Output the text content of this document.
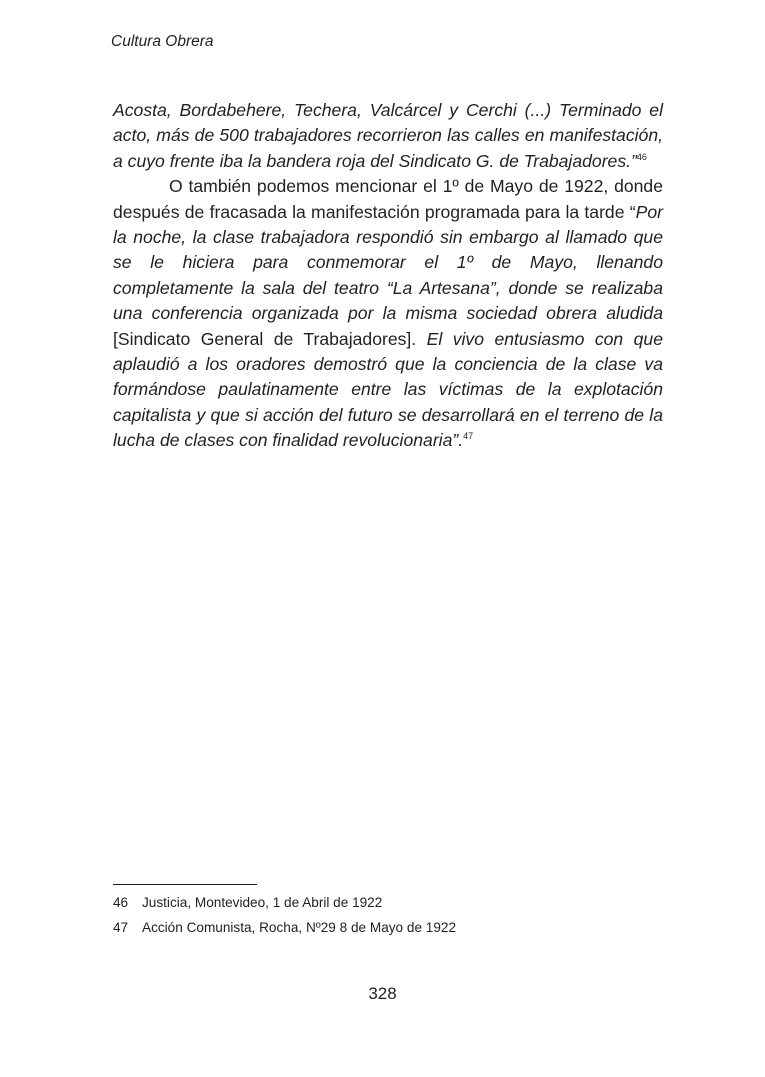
Cultura Obrera

Acosta, Bordabehere, Techera, Valcárcel y Cerchi (...) Terminado el acto, más de 500 trabajadores recorrieron las calles en manifestación, a cuyo frente iba la bandera roja del Sindicato G. de Trabajadores.”$^{46}$

O también podemos mencionar el 1º de Mayo de 1922, donde después de fracasada la manifestación programada para la tarde “Por la noche, la clase trabajadora respondió sin embargo al llamado que se le hiciera para conmemorar el 1º de Mayo, llenando completamente la sala del teatro “La Artesana”, donde se realizaba una conferencia organizada por la misma sociedad obrera aludida [Sindicato General de Trabajadores]. El vivo entusiasmo con que aplaudió a los oradores demostró que la conciencia de la clase va formándose paulatinamente entre las víctimas de la explotación capitalista y que si acción del futuro se desarrollará en el terreno de la lucha de clases con finalidad revolucionaria”.$^{47}$

46 Justicia, Montevideo, 1 de Abril de 1922
47 Acción Comunista, Rocha, Nº29 8 de Mayo de 1922
328
